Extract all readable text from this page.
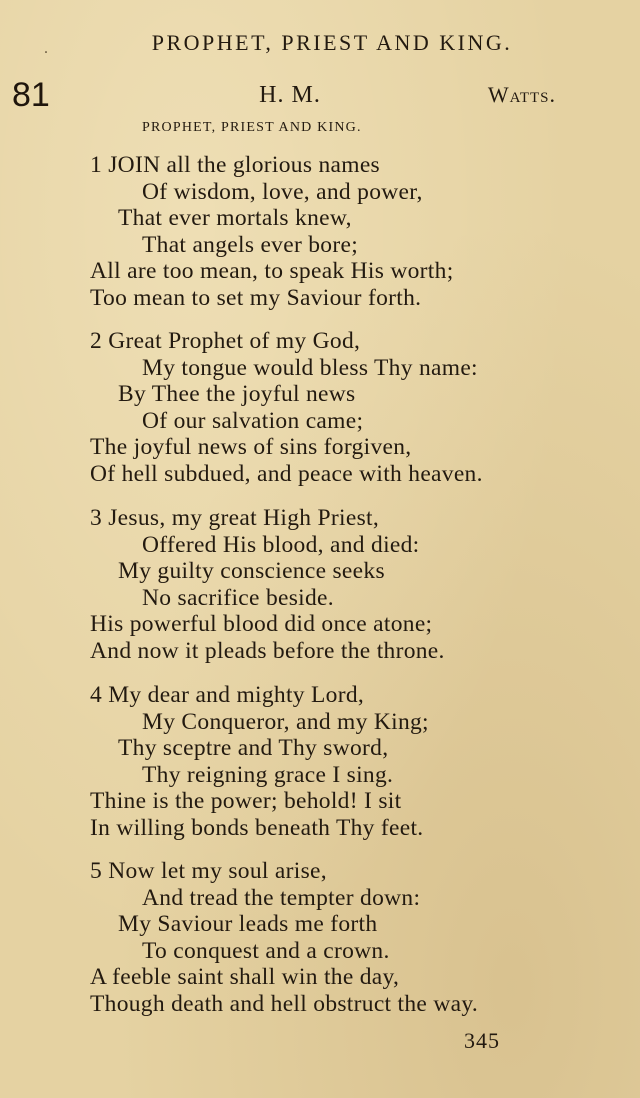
.	PROPHET, PRIEST AND KING.
81	H. M.	Watts.
PROPHET, PRIEST AND KING.
1 JOIN all the glorious names
Of wisdom, love, and power,
That ever mortals knew,
That angels ever bore;
All are too mean, to speak His worth;
Too mean to set my Saviour forth.
2 Great Prophet of my God,
My tongue would bless Thy name:
By Thee the joyful news
Of our salvation came;
The joyful news of sins forgiven,
Of hell subdued, and peace with heaven.
3 Jesus, my great High Priest,
Offered His blood, and died:
My guilty conscience seeks
No sacrifice beside.
His powerful blood did once atone;
And now it pleads before the throne.
4 My dear and mighty Lord,
My Conqueror, and my King;
Thy sceptre and Thy sword,
Thy reigning grace I sing.
Thine is the power; behold! I sit
In willing bonds beneath Thy feet.
5 Now let my soul arise,
And tread the tempter down:
My Saviour leads me forth
To conquest and a crown.
A feeble saint shall win the day,
Though death and hell obstruct the way.
345
